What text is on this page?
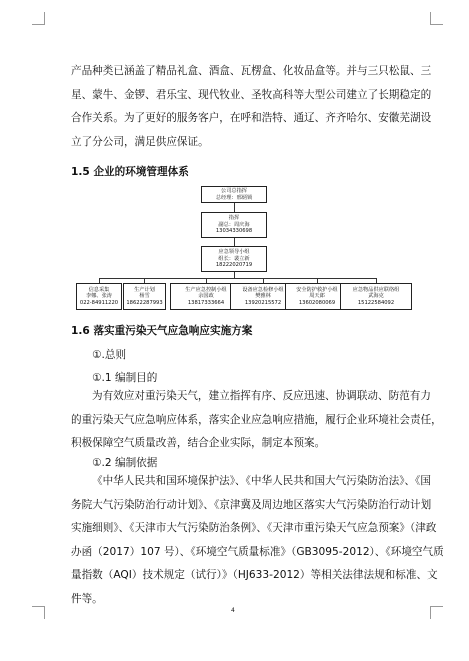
产品种类已涵盖了精品礼盒、酒盒、瓦楞盒、化妆品盒等。并与三只松鼠、三
星、蒙牛、金锣、君乐宝、现代牧业、圣牧高科等大型公司建立了长期稳定的
合作关系。为了更好的服务客户，在呼和浩特、通辽、齐齐哈尔、安徽芜湖设
立了分公司，满足供应保证。
1.5 企业的环境管理体系
公司总指挥
总经理：邢炳锁
指挥
副总：周庆海
13034330698
应急领导小组
组长：裴立新
18222020719
信息采集
李娜、张涛
022-84911220
生产计划
杨雪
18622287993
生产应急控制小组
余国政
13817333664
设备应急检修小组
樊雅林
13920215572
安全防护救护小组
周天郎
13602080069
应急物品供应联络组
武海克
15122584092
1.6 落实重污染天气应急响应实施方案
①.总则
①.1 编制目的
为有效应对重污染天气，建立指挥有序、反应迅速、协调联动、防范有力
的重污染天气应急响应体系，落实企业应急响应措施，履行企业环境社会责任，
积极保障空气质量改善，结合企业实际，制定本预案。
①.2 编制依据
《中华人民共和国环境保护法》、《中华人民共和国大气污染防治法》、《国
务院大气污染防治行动计划》、《京津冀及周边地区落实大气污染防治行动计划
实施细则》、《天津市大气污染防治条例》、《天津市重污染天气应急预案》（津政
办函（2017）107 号）、《环境空气质量标准》（GB3095-2012）、《环境空气质
量指数（AQI）技术规定（试行）》（HJ633-2012）等相关法律法规和标准、文
件等。
4
